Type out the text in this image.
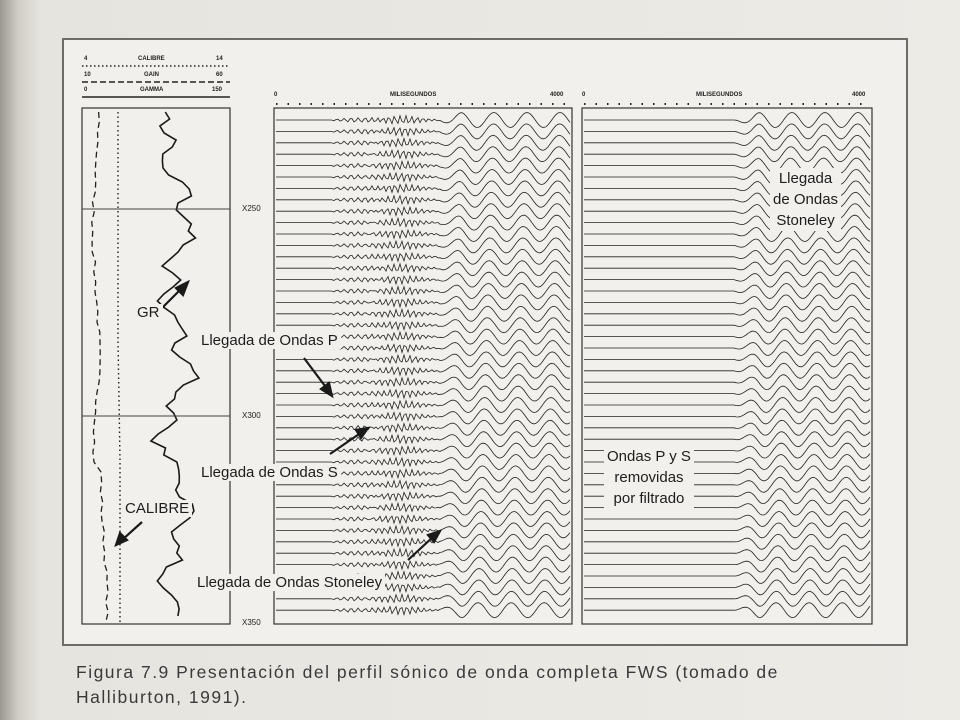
4	CALIBRE	14
10	GAIN	60
0	GAMMA	150
0	MILISEGUNDOS	4000	0	MILISEGUNDOS	4000
X250
X300
X350
GR
CALIBRE
Llegada de Ondas P
Llegada de Ondas S
Llegada de Ondas Stoneley
Llegada
de Ondas
Stoneley
Ondas P y S
removidas
por filtrado
Figura 7.9 Presentación del perfil sónico de onda completa FWS (tomado de
Halliburton, 1991).
